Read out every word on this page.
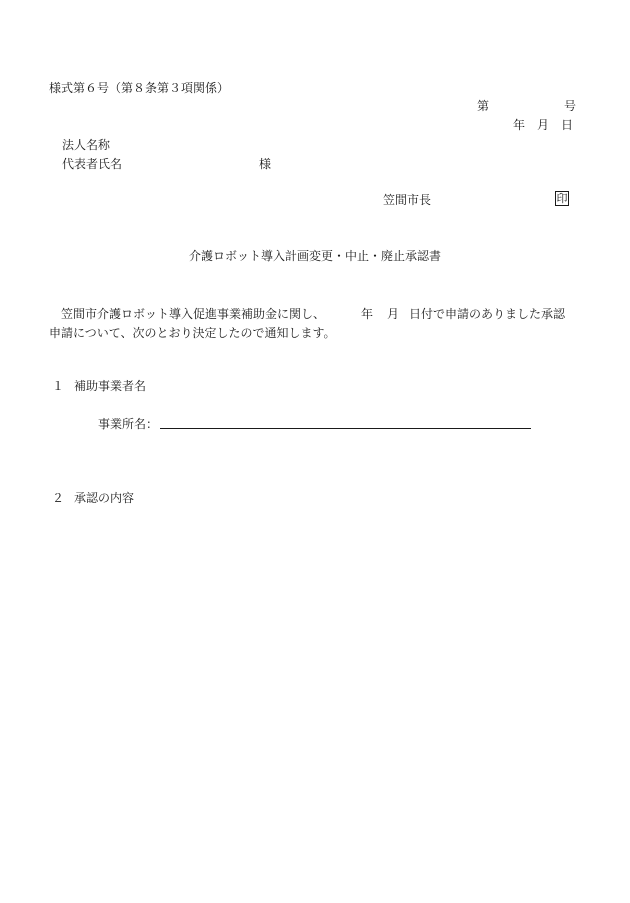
様式第６号（第８条第３項関係）
第	号
年 月 日
法人名称
代表者氏名	様
笠間市長	印
介護ロボット導入計画変更・中止・廃止承認書
笠間市介護ロボット導入促進事業補助金に関し、	年 月 日付で申請のありました承認
申請について、次のとおり決定したので通知します。
１ 補助事業者名
事業所名：
２ 承認の内容
